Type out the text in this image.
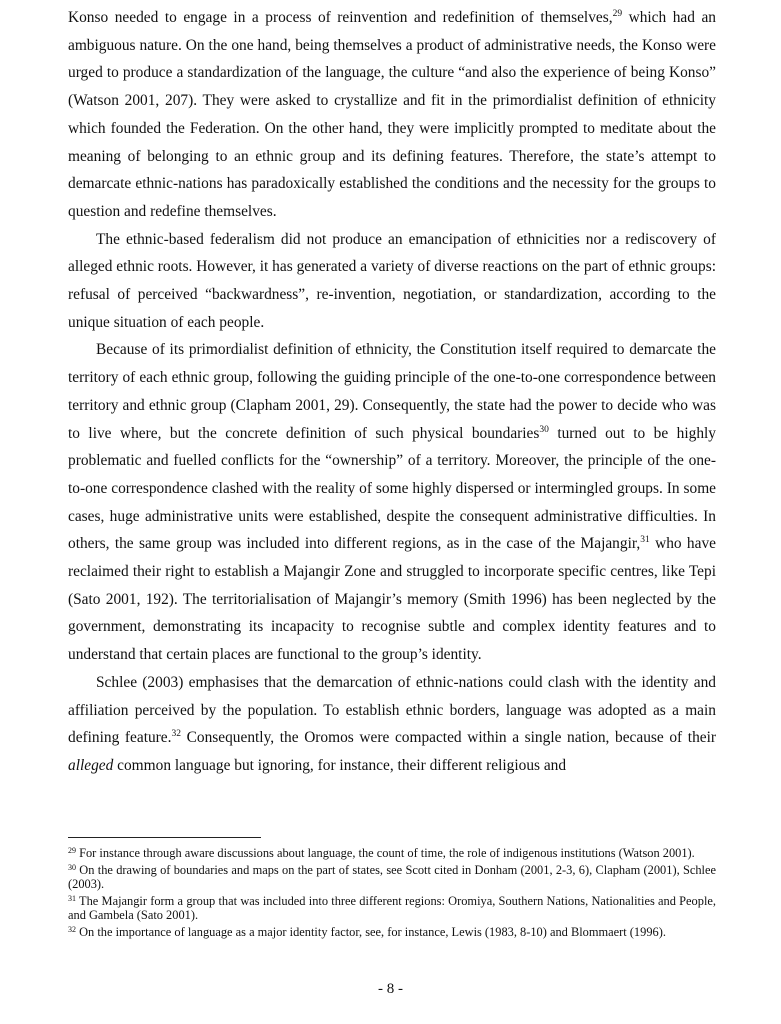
Konso needed to engage in a process of reinvention and redefinition of themselves,$^{29}$ which had an ambiguous nature. On the one hand, being themselves a product of administrative needs, the Konso were urged to produce a standardization of the language, the culture “and also the experience of being Konso” (Watson 2001, 207). They were asked to crystallize and fit in the primordialist definition of ethnicity which founded the Federation. On the other hand, they were implicitly prompted to meditate about the meaning of belonging to an ethnic group and its defining features. Therefore, the state’s attempt to demarcate ethnic-nations has paradoxically established the conditions and the necessity for the groups to question and redefine themselves.

The ethnic-based federalism did not produce an emancipation of ethnicities nor a rediscovery of alleged ethnic roots. However, it has generated a variety of diverse reactions on the part of ethnic groups: refusal of perceived “backwardness”, re-invention, negotiation, or standardization, according to the unique situation of each people.

Because of its primordialist definition of ethnicity, the Constitution itself required to demarcate the territory of each ethnic group, following the guiding principle of the one-to-one correspondence between territory and ethnic group (Clapham 2001, 29). Consequently, the state had the power to decide who was to live where, but the concrete definition of such physical boundaries$^{30}$ turned out to be highly problematic and fuelled conflicts for the “ownership” of a territory. Moreover, the principle of the one-to-one correspondence clashed with the reality of some highly dispersed or intermingled groups. In some cases, huge administrative units were established, despite the consequent administrative difficulties. In others, the same group was included into different regions, as in the case of the Majangir,$^{31}$ who have reclaimed their right to establish a Majangir Zone and struggled to incorporate specific centres, like Tepi (Sato 2001, 192). The territorialisation of Majangir’s memory (Smith 1996) has been neglected by the government, demonstrating its incapacity to recognise subtle and complex identity features and to understand that certain places are functional to the group’s identity.

Schlee (2003) emphasises that the demarcation of ethnic-nations could clash with the identity and affiliation perceived by the population. To establish ethnic borders, language was adopted as a main defining feature.$^{32}$ Consequently, the Oromos were compacted within a single nation, because of their alleged common language but ignoring, for instance, their different religious and

$^{29}$ For instance through aware discussions about language, the count of time, the role of indigenous institutions (Watson 2001).

$^{30}$ On the drawing of boundaries and maps on the part of states, see Scott cited in Donham (2001, 2-3, 6), Clapham (2001), Schlee (2003).

$^{31}$ The Majangir form a group that was included into three different regions: Oromiya, Southern Nations, Nationalities and People, and Gambela (Sato 2001).

$^{32}$ On the importance of language as a major identity factor, see, for instance, Lewis (1983, 8-10) and Blommaert (1996).

- 8 -
